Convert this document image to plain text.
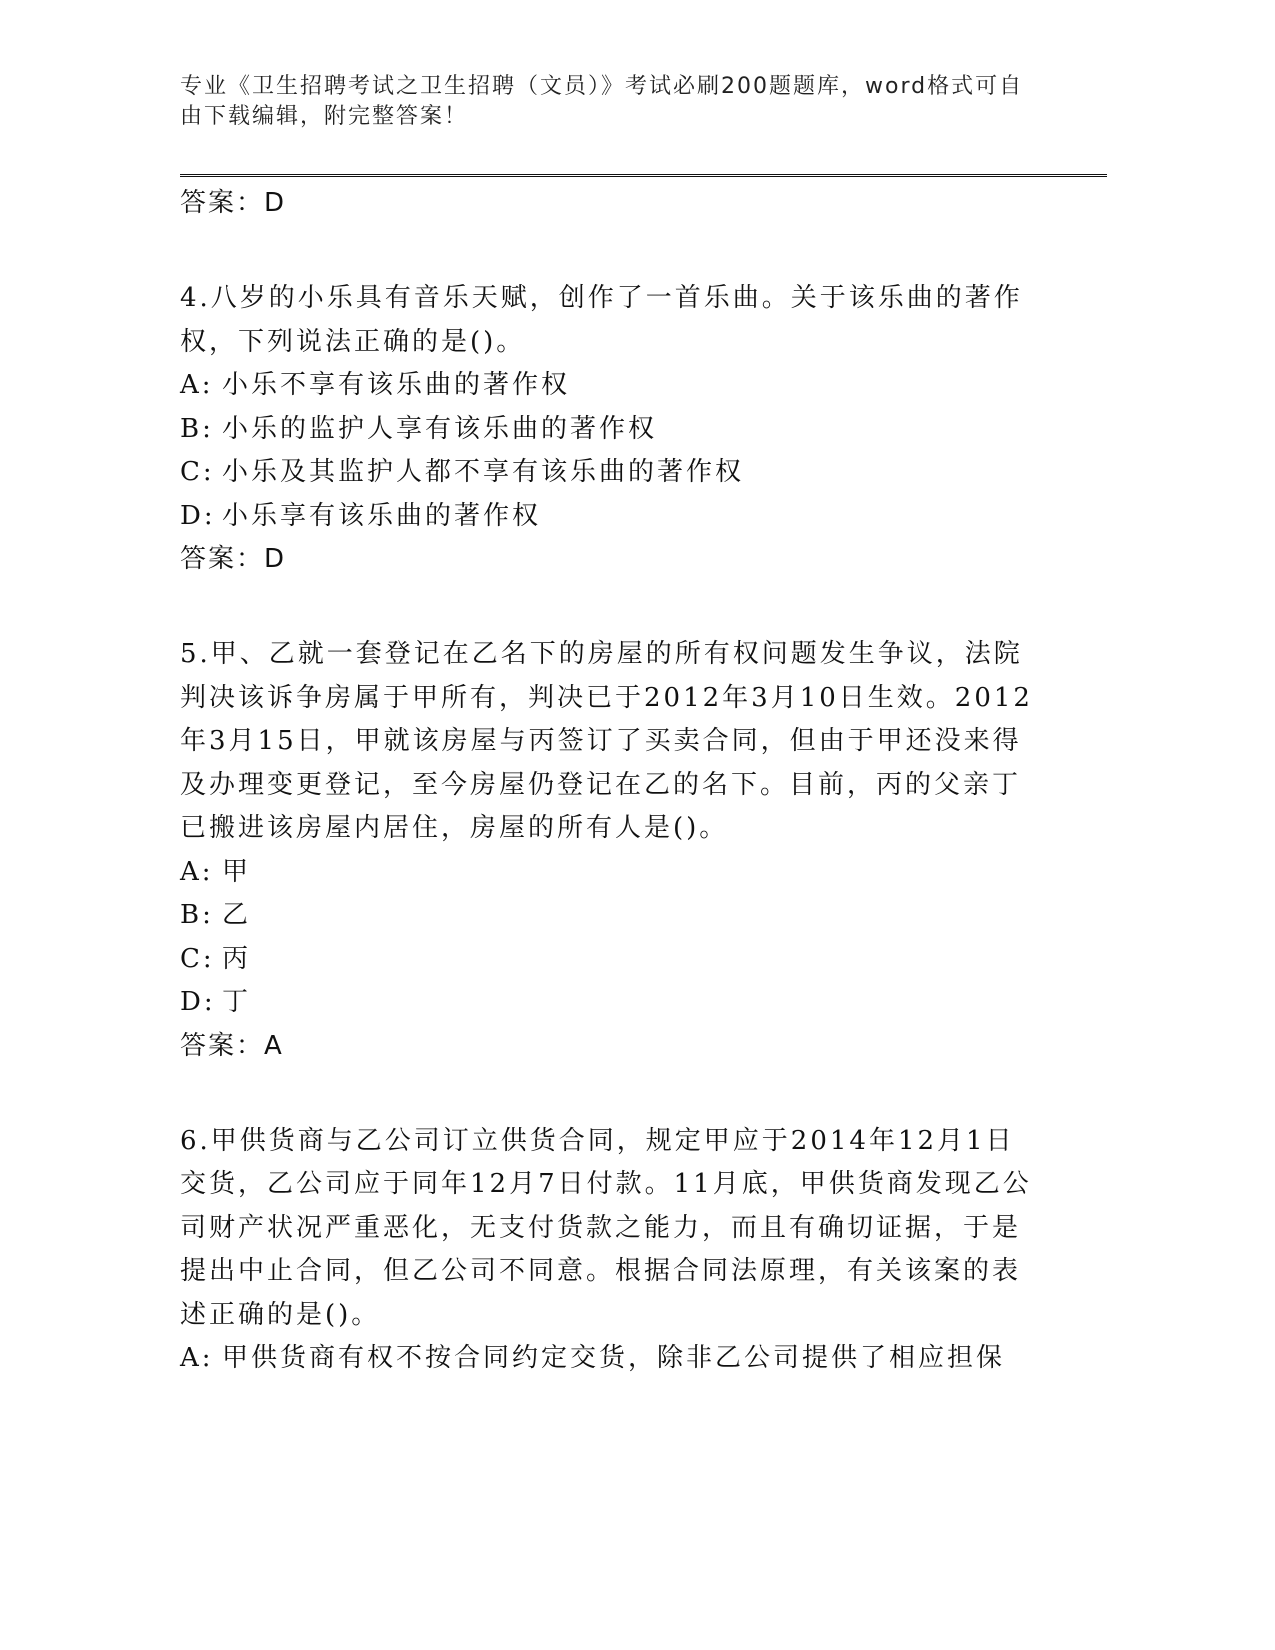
专业《卫生招聘考试之卫生招聘（文员）》考试必刷200题题库，word格式可自由下载编辑，附完整答案！
答案：D
4.八岁的小乐具有音乐天赋，创作了一首乐曲。关于该乐曲的著作权，下列说法正确的是()。
A: 小乐不享有该乐曲的著作权
B: 小乐的监护人享有该乐曲的著作权
C: 小乐及其监护人都不享有该乐曲的著作权
D: 小乐享有该乐曲的著作权
答案：D
5.甲、乙就一套登记在乙名下的房屋的所有权问题发生争议，法院判决该诉争房属于甲所有，判决已于2012年3月10日生效。2012年3月15日，甲就该房屋与丙签订了买卖合同，但由于甲还没来得及办理变更登记，至今房屋仍登记在乙的名下。目前，丙的父亲丁已搬进该房屋内居住，房屋的所有人是()。
A: 甲
B: 乙
C: 丙
D: 丁
答案：A
6.甲供货商与乙公司订立供货合同，规定甲应于2014年12月1日交货，乙公司应于同年12月7日付款。11月底，甲供货商发现乙公司财产状况严重恶化，无支付货款之能力，而且有确切证据，于是提出中止合同，但乙公司不同意。根据合同法原理，有关该案的表述正确的是()。
A: 甲供货商有权不按合同约定交货，除非乙公司提供了相应担保
